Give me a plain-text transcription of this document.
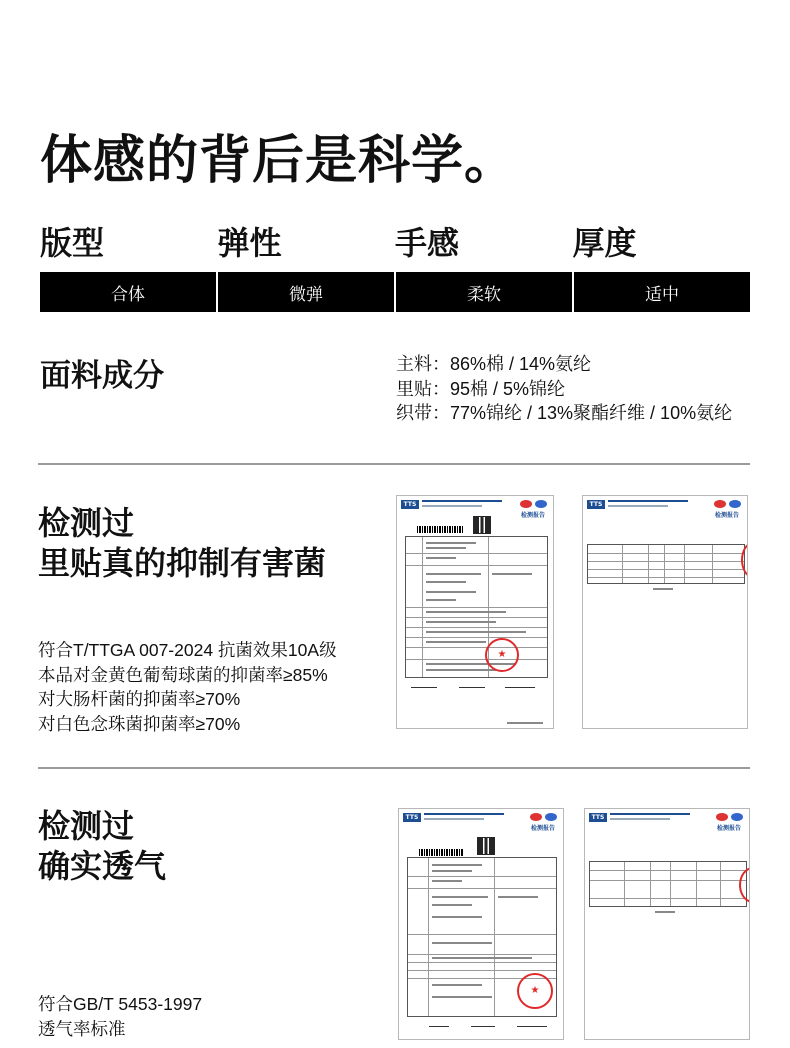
体感的背后是科学。
版型	弹性	手感	厚度
合体	微弹	柔软	适中
面料成分	主料：86%棉 / 14%氨纶
里贴：95棉 / 5%锦纶
织带：77%锦纶 / 13%聚酯纤维 / 10%氨纶
检测过
里贴真的抑制有害菌
符合T/TTGA 007-2024 抗菌效果10A级
本品对金黄色葡萄球菌的抑菌率≥85%
对大肠杆菌的抑菌率≥70%
对白色念珠菌抑菌率≥70%
TTS
检测报告
★
TTS
检测报告
检测过
确实透气
符合GB/T 5453-1997
透气率标准
TTS
检测报告
★
TTS
检测报告
